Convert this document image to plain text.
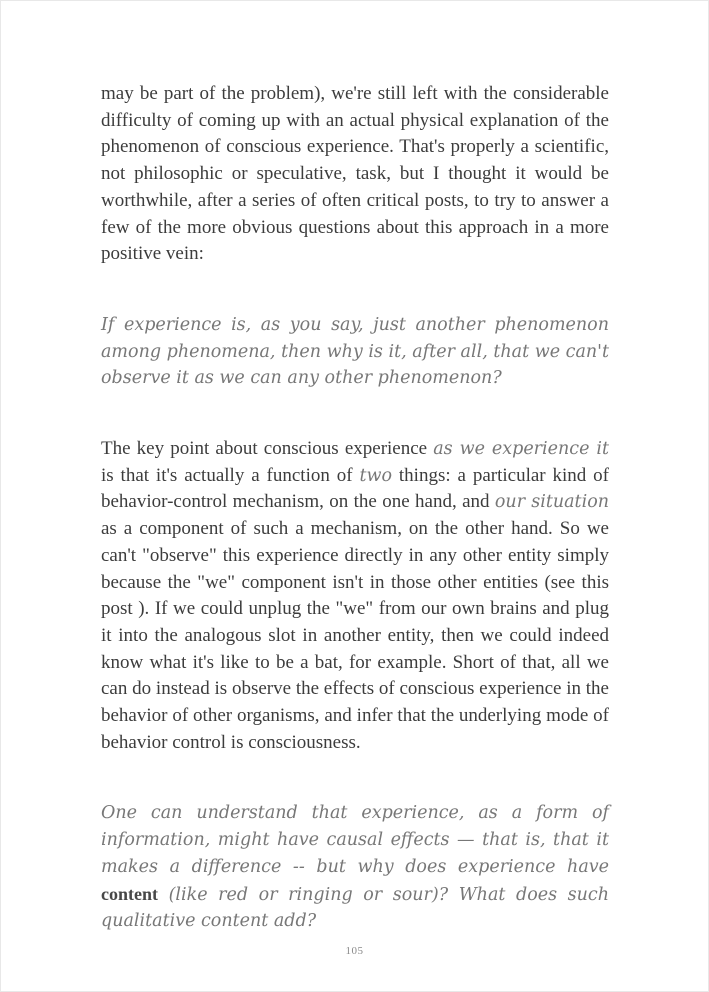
may be part of the problem), we're still left with the considerable difficulty of coming up with an actual physical explanation of the phenomenon of conscious experience. That's properly a scientific, not philosophic or speculative, task, but I thought it would be worthwhile, after a series of often critical posts, to try to answer a few of the more obvious questions about this approach in a more positive vein:

If experience is, as you say, just another phenomenon among phenomena, then why is it, after all, that we can't observe it as we can any other phenomenon?

The key point about conscious experience as we experience it is that it's actually a function of two things: a particular kind of behavior-control mechanism, on the one hand, and our situation as a component of such a mechanism, on the other hand. So we can't "observe" this experience directly in any other entity simply because the "we" component isn't in those other entities (see this post ). If we could unplug the "we" from our own brains and plug it into the analogous slot in another entity, then we could indeed know what it's like to be a bat, for example. Short of that, all we can do instead is observe the effects of conscious experience in the behavior of other organisms, and infer that the underlying mode of behavior control is consciousness.

One can understand that experience, as a form of information, might have causal effects — that is, that it makes a difference -- but why does experience have content (like red or ringing or sour)? What does such qualitative content add?

105
